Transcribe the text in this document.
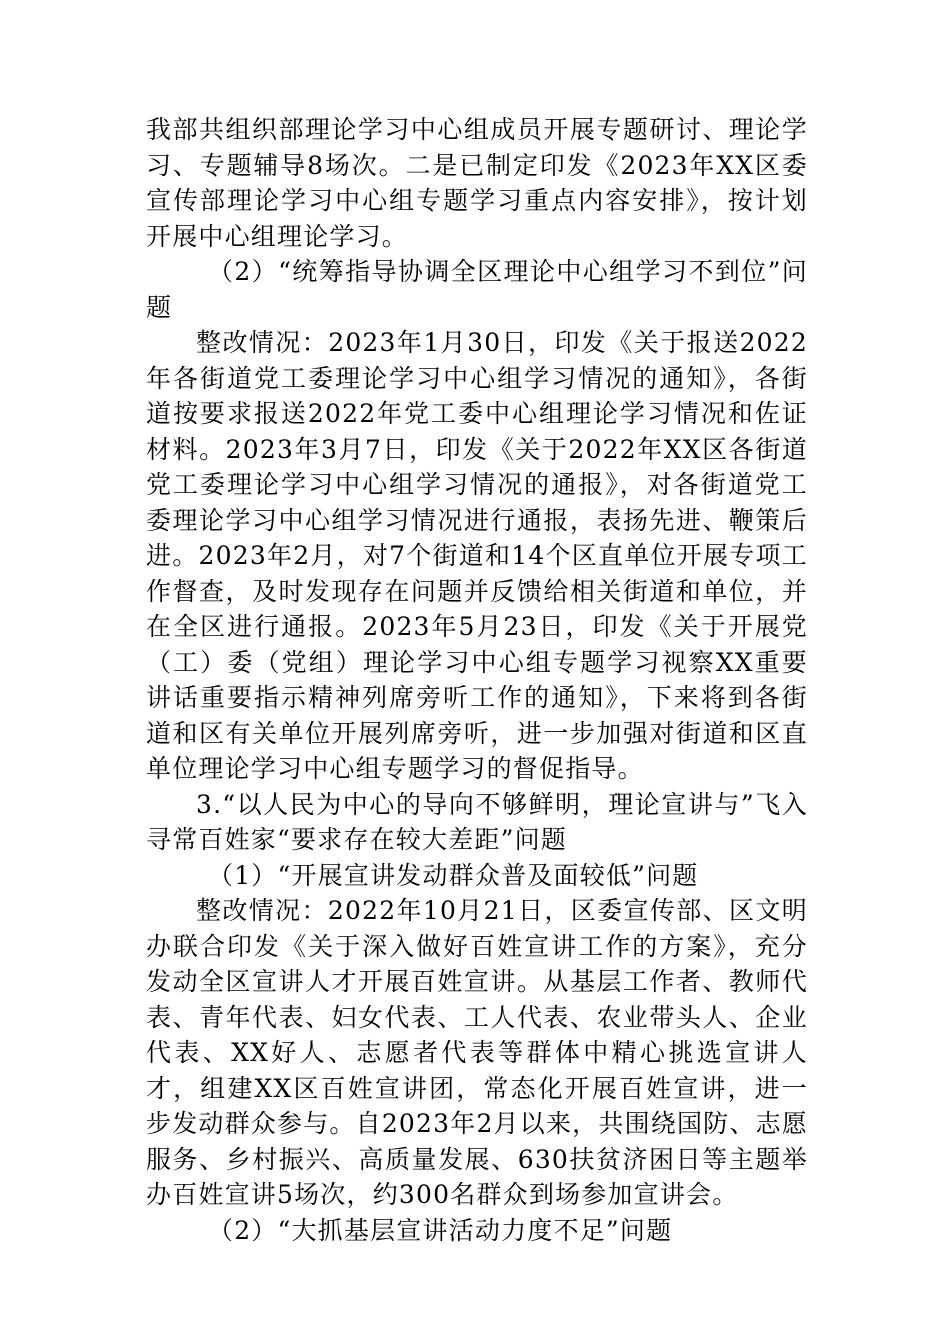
我部共组织部理论学习中心组成员开展专题研讨、理论学习、专题辅导8场次。二是已制定印发《2023年XX区委宣传部理论学习中心组专题学习重点内容安排》，按计划开展中心组理论学习。

（2）“统筹指导协调全区理论中心组学习不到位”问题

整改情况：2023年1月30日，印发《关于报送2022年各街道党工委理论学习中心组学习情况的通知》，各街道按要求报送2022年党工委中心组理论学习情况和佐证材料。2023年3月7日，印发《关于2022年XX区各街道党工委理论学习中心组学习情况的通报》，对各街道党工委理论学习中心组学习情况进行通报，表扬先进、鞭策后进。2023年2月，对7个街道和14个区直单位开展专项工作督查，及时发现存在问题并反馈给相关街道和单位，并在全区进行通报。2023年5月23日，印发《关于开展党（工）委（党组）理论学习中心组专题学习视察XX重要讲话重要指示精神列席旁听工作的通知》，下来将到各街道和区有关单位开展列席旁听，进一步加强对街道和区直单位理论学习中心组专题学习的督促指导。

3.“以人民为中心的导向不够鲜明，理论宣讲与”飞入寻常百姓家“要求存在较大差距”问题

（1）“开展宣讲发动群众普及面较低”问题

整改情况：2022年10月21日，区委宣传部、区文明办联合印发《关于深入做好百姓宣讲工作的方案》，充分发动全区宣讲人才开展百姓宣讲。从基层工作者、教师代表、青年代表、妇女代表、工人代表、农业带头人、企业代表、XX好人、志愿者代表等群体中精心挑选宣讲人才，组建XX区百姓宣讲团，常态化开展百姓宣讲，进一步发动群众参与。自2023年2月以来，共围绕国防、志愿服务、乡村振兴、高质量发展、630扶贫济困日等主题举办百姓宣讲5场次，约300名群众到场参加宣讲会。

（2）“大抓基层宣讲活动力度不足”问题
